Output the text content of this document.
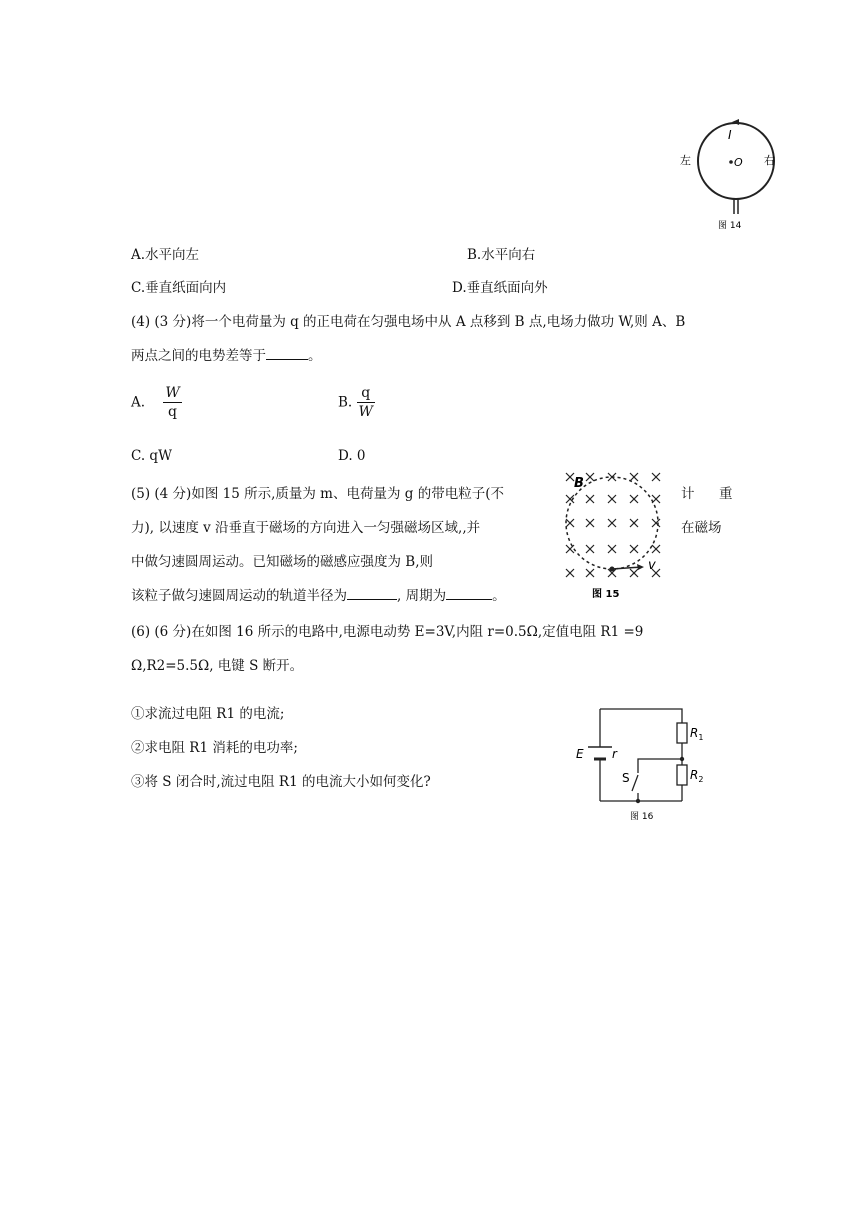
O
I
左	右
图 14
A.水平向左	B.水平向右
C.垂直纸面向内	D.垂直纸面向外
(4) (3 分)将一个电荷量为 q 的正电荷在匀强电场中从 A 点移到 B 点,电场力做功 W,则 A、B
两点之间的电势差等于	。
A. $\frac{W}{q}$	B. $\frac{q}{W}$
C. qW	D. 0
(5) (4 分)如图 15 所示,质量为 m、电荷量为 g 的带电粒子(不	计 重
力), 以速度 v 沿垂直于磁场的方向进入一匀强磁场区域,,并	在磁场
中做匀速圆周运动。已知磁场的磁感应强度为 B,则
该粒子做匀速圆周运动的轨道半径为	, 周期为	。
B
v
图 15
(6) (6 分)在如图 16 所示的电路中,电源电动势 E=3V,内阻 r=0.5Ω,定值电阻 R1 =9
Ω,R2=5.5Ω, 电键 S 断开。
①求流过电阻 R1 的电流;
②求电阻 R1 消耗的电功率;
③将 S 闭合时,流过电阻 R1 的电流大小如何变化?
E r
S
$R_1$
$R_2$
图 16
